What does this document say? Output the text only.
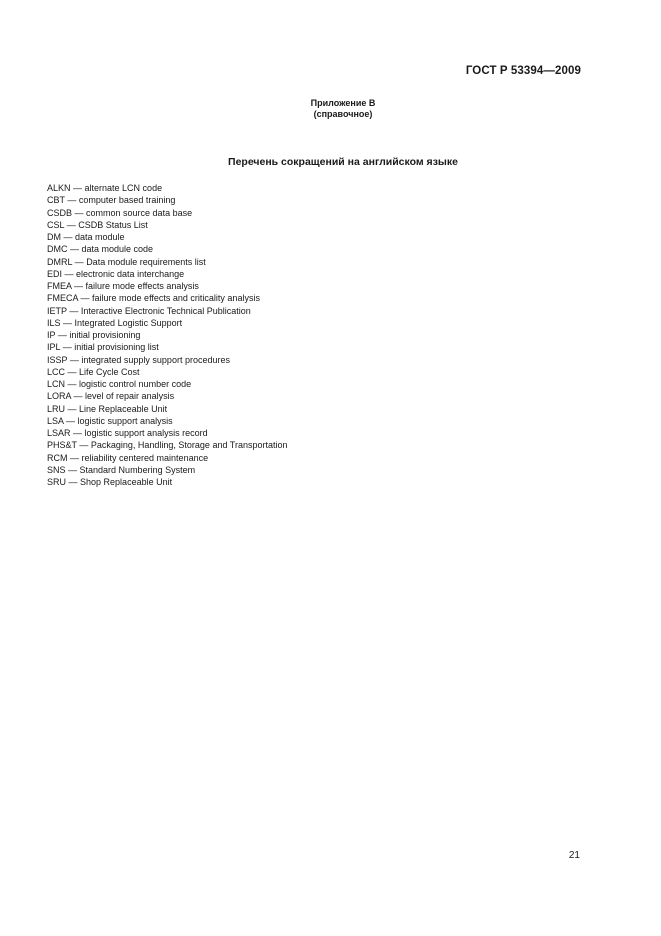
ГОСТ Р 53394—2009
Приложение В
(справочное)
Перечень сокращений на английском языке
ALKN — alternate LCN code
CBT — computer based training
CSDB — common source data base
CSL — CSDB Status List
DM — data module
DMC — data module code
DMRL — Data module requirements list
EDI — electronic data interchange
FMEA — failure mode effects analysis
FMECA — failure mode effects and criticality analysis
IETP — Interactive Electronic Technical Publication
ILS — Integrated Logistic Support
IP — initial provisioning
IPL — initial provisioning list
ISSP — integrated supply support procedures
LCC — Life Cycle Cost
LCN — logistic control number code
LORA — level of repair analysis
LRU — Line Replaceable Unit
LSA — logistic support analysis
LSAR — logistic support analysis record
PHS&T — Packaging, Handling, Storage and Transportation
RCM — reliability centered maintenance
SNS — Standard Numbering System
SRU — Shop Replaceable Unit
21
